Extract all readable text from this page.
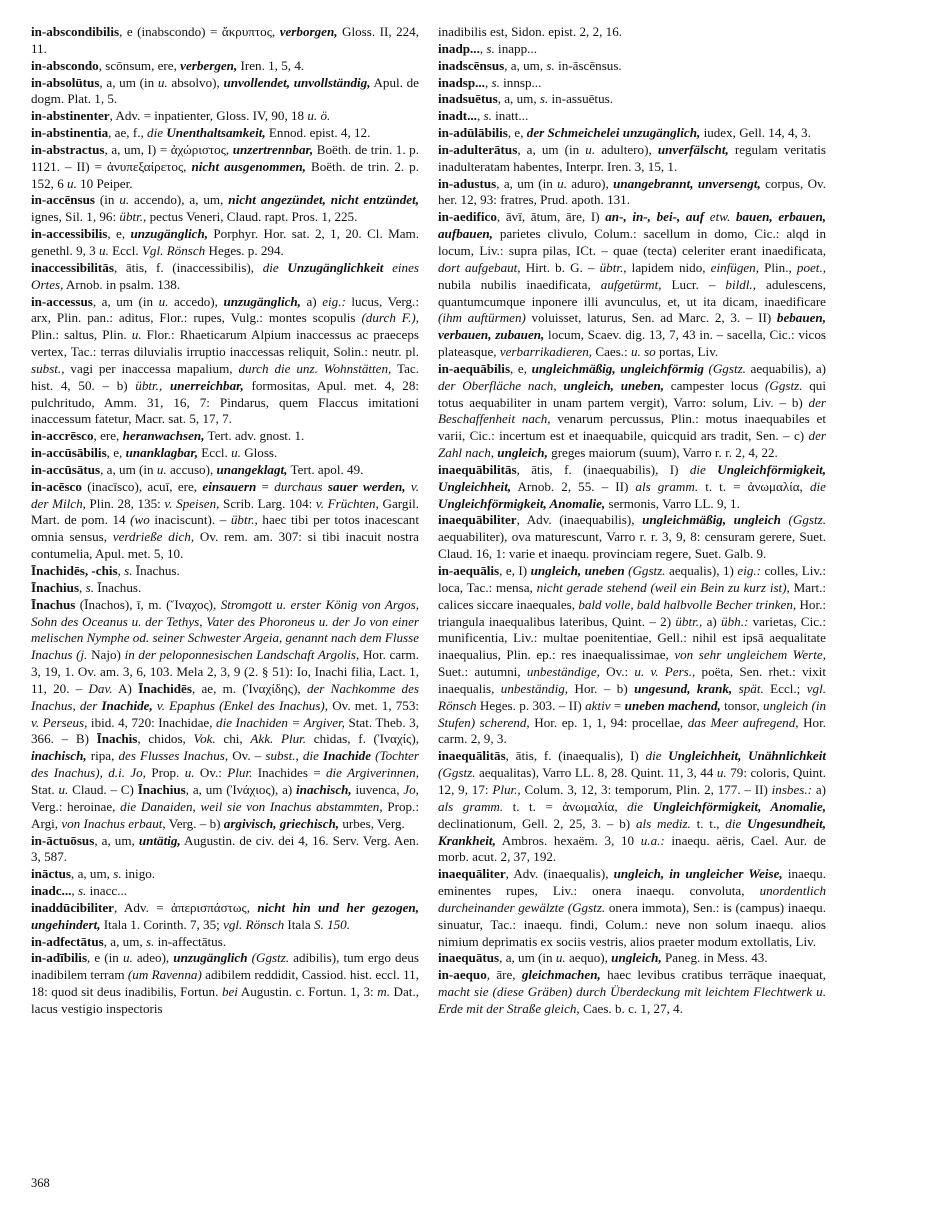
in-abscondibilis, e (inabscondo) = ἄκρυπτος, verborgen, Gloss. II, 224, 11.

in-abscondo, scōnsum, ere, verbergen, Iren. 1, 5, 4.

in-absolūtus, a, um (in u. absolvo), unvollendet, unvollständig, Apul. de dogm. Plat. 1, 5.

in-abstinenter, Adv. = inpatienter, Gloss. IV, 90, 18 u. ö.

in-abstinentia, ae, f., die Unenthaltsamkeit, Ennod. epist. 4, 12.

in-abstractus, a, um, I) = ἀχώριστος, unzertrennbar, Boëth. de trin. 1. p. 1121. – II) = ἀνυπεξαίρετος, nicht ausgenommen, Boëth. de trin. 2. p. 152, 6 u. 10 Peiper.

in-accēnsus (in u. accendo), a, um, nicht angezündet, nicht entzündet, ignes, Sil. 1, 96: übtr., pectus Veneri, Claud. rapt. Pros. 1, 225.

in-accessibilis, e, unzugänglich, Porphyr. Hor. sat. 2, 1, 20. Cl. Mam. genethl. 9, 3 u. Eccl. Vgl. Rönsch Heges. p. 294.

inaccessibilitās, ātis, f. (inaccessibilis), die Unzugänglichkeit eines Ortes, Arnob. in psalm. 138.

in-accessus, a, um (in u. accedo), unzugänglich, a) eig.: lucus, Verg.: arx, Plin. pan.: aditus, Flor.: rupes, Vulg.: montes scopulis (durch F.), Plin.: saltus, Plin. u. Flor.: Rhaeticarum Alpium inaccessus ac praeceps vertex, Tac.: terras diluvialis irruptio inaccessas reliquit, Solin.: neutr. pl. subst., vagi per inaccessa mapalium, durch die unz. Wohnstätten, Tac. hist. 4, 50. – b) übtr., unerreichbar, formositas, Apul. met. 4, 28: pulchritudo, Amm. 31, 16, 7: Pindarus, quem Flaccus imitationi inaccessum fatetur, Macr. sat. 5, 17, 7.

in-accrēsco, ere, heranwachsen, Tert. adv. gnost. 1.

in-accūsābilis, e, unanklagbar, Eccl. u. Gloss.

in-accūsātus, a, um (in u. accuso), unangeklagt, Tert. apol. 49.

in-acēsco (inacīsco), acuī, ere, einsauern = durchaus sauer werden, v. der Milch, Plin. 28, 135: v. Speisen, Scrib. Larg. 104: v. Früchten, Gargil. Mart. de pom. 14 (wo inaciscunt). – übtr., haec tibi per totos inacescant omnia sensus, verdrieße dich, Ov. rem. am. 307: si tibi inacuit nostra contumelia, Apul. met. 5, 10.

Īnachidēs, -chis, s. Īnachus.

Īnachius, s. Īnachus.

Īnachus (Īnachos), ī, m. (Ἴναχος), Stromgott u. erster König von Argos, Sohn des Oceanus u. der Tethys, Vater des Phoroneus u. der Jo von einer melischen Nymphe od. seiner Schwester Argeia, genannt nach dem Flusse Inachus (j. Najo) in der peloponnesischen Landschaft Argolis, Hor. carm. 3, 19, 1. Ov. am. 3, 6, 103. Mela 2, 3, 9 (2. § 51): Io, Inachi filia, Lact. 1, 11, 20. – Dav. A) Īnachidēs, ae, m. (Ἰναχίδης), der Nachkomme des Inachus, der Inachide, v. Epaphus (Enkel des Inachus), Ov. met. 1, 753: v. Perseus, ibid. 4, 720: Inachidae, die Inachiden = Argiver, Stat. Theb. 3, 366. – B) Īnachis, chidos, Vok. chi, Akk. Plur. chidas, f. (Ἰναχίς), inachisch, ripa, des Flusses Inachus, Ov. – subst., die Inachide (Tochter des Inachus), d.i. Jo, Prop. u. Ov.: Plur. Inachides = die Argiverinnen, Stat. u. Claud. – C) Īnachius, a, um (Ἰνάχιος), a) inachisch, iuvenca, Jo, Verg.: heroinae, die Danaiden, weil sie von Inachus abstammten, Prop.: Argi, von Inachus erbaut, Verg. – b) argivisch, griechisch, urbes, Verg.

in-āctuōsus, a, um, untätig, Augustin. de civ. dei 4, 16. Serv. Verg. Aen. 3, 587.

ināctus, a, um, s. inigo.

inadc..., s. inacc...

inaddūcibiliter, Adv. = ἀπερισπάστως, nicht hin und her gezogen, ungehindert, Itala 1. Corinth. 7, 35; vgl. Rönsch Itala S. 150.

in-adfectātus, a, um, s. in-affectātus.

in-adībilis, e (in u. adeo), unzugänglich (Ggstz. adibilis), tum ergo deus inadibilem terram (um Ravenna) adibilem reddidit, Cassiod. hist. eccl. 11, 18: quod sit deus inadibilis, Fortun. bei Augustin. c. Fortun. 1, 3: m. Dat., lacus vestigio inspectoris

inadibilis est, Sidon. epist. 2, 2, 16.

inadp..., s. inapp...

inadscēnsus, a, um, s. in-āscēnsus.

inadsp..., s. innsp...

inadsuētus, a, um, s. in-assuētus.

inadt..., s. inatt...

in-adūlābilis, e, der Schmeichelei unzugänglich, iudex, Gell. 14, 4, 3.

in-adulterātus, a, um (in u. adultero), unverfälscht, regulam veritatis inadulteratam habentes, Interpr. Iren. 3, 15, 1.

in-adustus, a, um (in u. aduro), unangebrannt, unversengt, corpus, Ov. her. 12, 93: fratres, Prud. apoth. 131.

in-aedifico, āvī, ātum, āre, I) an-, in-, bei-, auf etw. bauen, erbauen, aufbauen, parietes clivulo, Colum.: sacellum in domo, Cic.: alqd in locum, Liv.: supra pilas, ICt. – quae (tecta) celeriter erant inaedificata, dort aufgebaut, Hirt. b. G. – übtr., lapidem nido, einfügen, Plin., poet., nubila nubilis inaedificata, aufgetürmt, Lucr. – bildl., adulescens, quantumcumque inponere illi avunculus, et, ut ita dicam, inaedificare (ihm auftürmen) voluisset, laturus, Sen. ad Marc. 2, 3. – II) bebauen, verbauen, zubauen, locum, Scaev. dig. 13, 7, 43 in. – sacella, Cic.: vicos plateasque, verbarrikadieren, Caes.: u. so portas, Liv.

in-aequābilis, e, ungleichmäßig, ungleichförmig (Ggstz. aequabilis), a) der Oberfläche nach, ungleich, uneben, campester locus (Ggstz. qui totus aequabiliter in unam partem vergit), Varro: solum, Liv. – b) der Beschaffenheit nach, venarum percussus, Plin.: motus inaequabiles et varii, Cic.: incertum est et inaequabile, quicquid ars tradit, Sen. – c) der Zahl nach, ungleich, greges maiorum (suum), Varro r. r. 2, 4, 22.

inaequābilitās, ātis, f. (inaequabilis), I) die Ungleichförmigkeit, Ungleichheit, Arnob. 2, 55. – II) als gramm. t. t. = ἀνωμαλία, die Ungleichförmigkeit, Anomalie, sermonis, Varro LL. 9, 1.

inaequābiliter, Adv. (inaequabilis), ungleichmäßig, ungleich (Ggstz. aequabiliter), ova maturescunt, Varro r. r. 3, 9, 8: censuram gerere, Suet. Claud. 16, 1: varie et inaequ. provinciam regere, Suet. Galb. 9.

in-aequālis, e, I) ungleich, uneben (Ggstz. aequalis), 1) eig.: colles, Liv.: loca, Tac.: mensa, nicht gerade stehend (weil ein Bein zu kurz ist), Mart.: calices siccare inaequales, bald volle, bald halbvolle Becher trinken, Hor.: triangula inaequalibus lateribus, Quint. – 2) übtr., a) übh.: varietas, Cic.: munificentia, Liv.: multae poenitentiae, Gell.: nihil est ipsā aequalitate inaequalius, Plin. ep.: res inaequalissimae, von sehr ungleichem Werte, Suet.: autumni, unbeständige, Ov.: u. v. Pers., poëta, Sen. rhet.: vixit inaequalis, unbeständig, Hor. – b) ungesund, krank, spät. Eccl.; vgl. Rönsch Heges. p. 303. – II) aktiv = uneben machend, tonsor, ungleich (in Stufen) scherend, Hor. ep. 1, 1, 94: procellae, das Meer aufregend, Hor. carm. 2, 9, 3.

inaequālitās, ātis, f. (inaequalis), I) die Ungleichheit, Unähnlichkeit (Ggstz. aequalitas), Varro LL. 8, 28. Quint. 11, 3, 44 u. 79: coloris, Quint. 12, 9, 17: Plur., Colum. 3, 12, 3: temporum, Plin. 2, 177. – II) insbes.: a) als gramm. t. t. = ἀνωμαλία, die Ungleichförmigkeit, Anomalie, declinationum, Gell. 2, 25, 3. – b) als mediz. t. t., die Ungesundheit, Krankheit, Ambros. hexaëm. 3, 10 u.a.: inaequ. aëris, Cael. Aur. de morb. acut. 2, 37, 192.

inaequāliter, Adv. (inaequalis), ungleich, in ungleicher Weise, inaequ. eminentes rupes, Liv.: onera inaequ. convoluta, unordentlich durcheinander gewälzte (Ggstz. onera immota), Sen.: is (campus) inaequ. sinuatur, Tac.: inaequ. findi, Colum.: neve non solum inaequ. alios nimium deprimatis ex sociis vestris, alios praeter modum extollatis, Liv.

inaequātus, a, um (in u. aequo), ungleich, Paneg. in Mess. 43.

in-aequo, āre, gleichmachen, haec levibus cratibus terrāque inaequat, macht sie (diese Gräben) durch Überdeckung mit leichtem Flechtwerk u. Erde mit der Straße gleich, Caes. b. c. 1, 27, 4.

368
